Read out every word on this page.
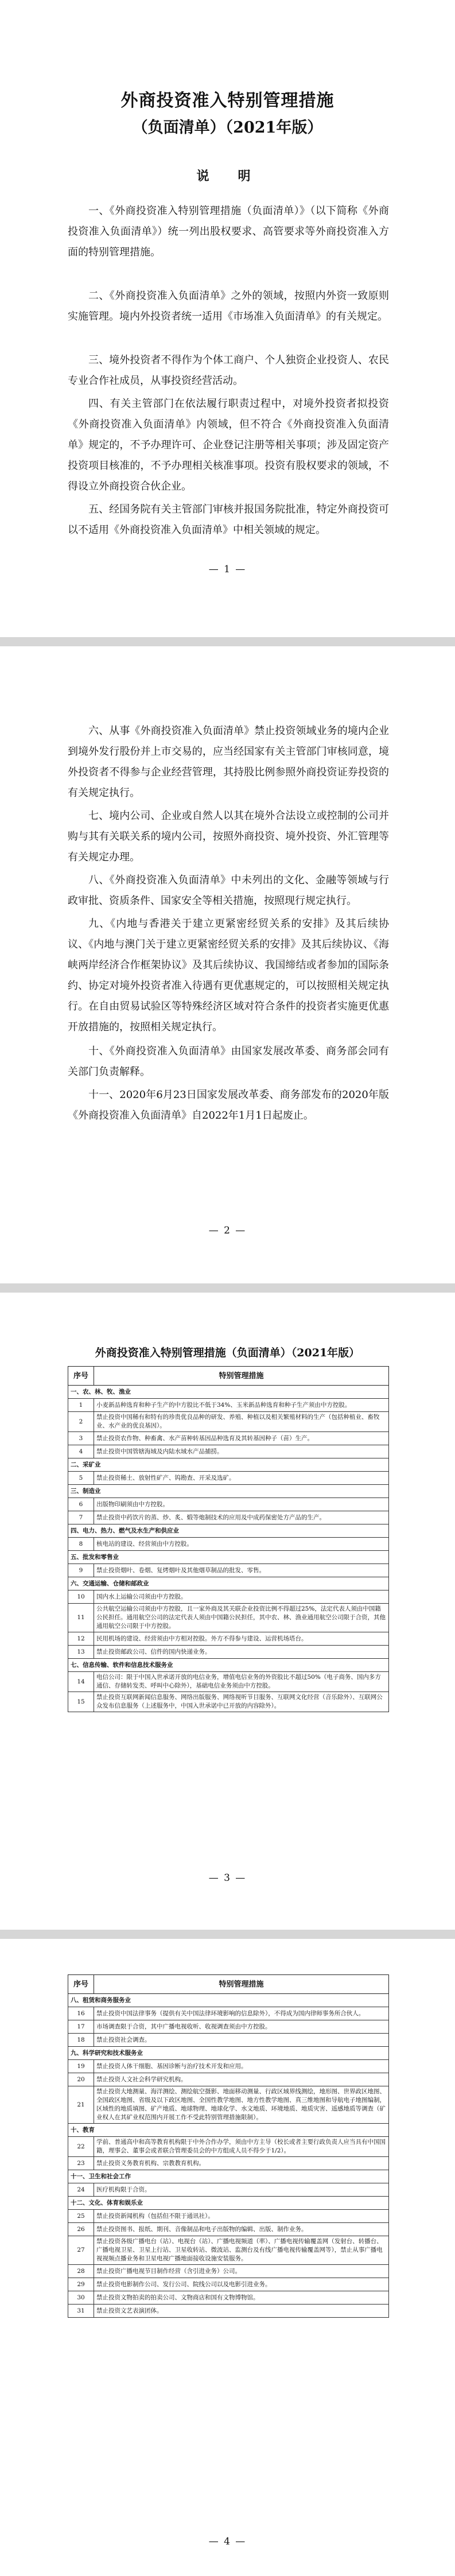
外商投资准入特别管理措施
（负面清单）（2021年版）
说　明

一、《外商投资准入特别管理措施（负面清单）》（以下简称《外商投资准入负面清单》）统一列出股权要求、高管要求等外商投资准入方面的特别管理措施。

二、《外商投资准入负面清单》之外的领域，按照内外资一致原则实施管理。境内外投资者统一适用《市场准入负面清单》的有关规定。

三、境外投资者不得作为个体工商户、个人独资企业投资人、农民专业合作社成员，从事投资经营活动。

四、有关主管部门在依法履行职责过程中，对境外投资者拟投资《外商投资准入负面清单》内领域，但不符合《外商投资准入负面清单》规定的，不予办理许可、企业登记注册等相关事项；涉及固定资产投资项目核准的，不予办理相关核准事项。投资有股权要求的领域，不得设立外商投资合伙企业。

五、经国务院有关主管部门审核并报国务院批准，特定外商投资可以不适用《外商投资准入负面清单》中相关领域的规定。

— 1 —

六、从事《外商投资准入负面清单》禁止投资领域业务的境内企业到境外发行股份并上市交易的，应当经国家有关主管部门审核同意，境外投资者不得参与企业经营管理，其持股比例参照外商投资证券投资的有关规定执行。

七、境内公司、企业或自然人以其在境外合法设立或控制的公司并购与其有关联关系的境内公司，按照外商投资、境外投资、外汇管理等有关规定办理。

八、《外商投资准入负面清单》中未列出的文化、金融等领域与行政审批、资质条件、国家安全等相关措施，按照现行规定执行。

九、《内地与香港关于建立更紧密经贸关系的安排》及其后续协议、《内地与澳门关于建立更紧密经贸关系的安排》及其后续协议、《海峡两岸经济合作框架协议》及其后续协议、我国缔结或者参加的国际条约、协定对境外投资者准入待遇有更优惠规定的，可以按照相关规定执行。在自由贸易试验区等特殊经济区域对符合条件的投资者实施更优惠开放措施的，按照相关规定执行。

十、《外商投资准入负面清单》由国家发展改革委、商务部会同有关部门负责解释。

十一、2020年6月23日国家发展改革委、商务部发布的2020年版《外商投资准入负面清单》自2022年1月1日起废止。

— 2 —
外商投资准入特别管理措施（负面清单）（2021年版）
序号	特别管理措施
一、农、林、牧、渔业	
1	小麦新品种选育和种子生产的中方股比不低于34%、玉米新品种选育和种子生产须由中方控股。
2	禁止投资中国稀有和特有的珍贵优良品种的研发、养殖、种植以及相关繁殖材料的生产（包括种植业、畜牧业、水产业的优良基因）。
3	禁止投资农作物、种畜禽、水产苗种转基因品种选育及其转基因种子（苗）生产。
4	禁止投资中国管辖海域及内陆水域水产品捕捞。
二、采矿业	
5	禁止投资稀土、放射性矿产、钨勘查、开采及选矿。
三、制造业	
6	出版物印刷须由中方控股。
7	禁止投资中药饮片的蒸、炒、炙、煅等炮制技术的应用及中成药保密处方产品的生产。
四、电力、热力、燃气及水生产和供应业	
8	核电站的建设、经营须由中方控股。
五、批发和零售业	
9	禁止投资烟叶、卷烟、复烤烟叶及其他烟草制品的批发、零售。
六、交通运输、仓储和邮政业	
10	国内水上运输公司须由中方控股。
11	公共航空运输公司须由中方控股，且一家外商及其关联企业投资比例不得超过25%，法定代表人须由中国籍公民担任。通用航空公司的法定代表人须由中国籍公民担任，其中农、林、渔业通用航空公司限于合资，其他通用航空公司限于中方控股。
12	民用机场的建设、经营须由中方相对控股。外方不得参与建设、运营机场塔台。
13	禁止投资邮政公司、信件的国内快递业务。
七、信息传输、软件和信息技术服务业	
14	电信公司：限于中国入世承诺开放的电信业务，增值电信业务的外资股比不超过50%（电子商务、国内多方通信、存储转发类、呼叫中心除外），基础电信业务须由中方控股。
15	禁止投资互联网新闻信息服务、网络出版服务、网络视听节目服务、互联网文化经营（音乐除外）、互联网公众发布信息服务（上述服务中，中国入世承诺中已开放的内容除外）。
— 3 —
序号	特别管理措施
八、租赁和商务服务业	
16	禁止投资中国法律事务（提供有关中国法律环境影响的信息除外），不得成为国内律师事务所合伙人。
17	市场调查限于合资，其中广播电视收听、收视调查须由中方控股。
18	禁止投资社会调查。
九、科学研究和技术服务业	
19	禁止投资人体干细胞、基因诊断与治疗技术开发和应用。
20	禁止投资人文社会科学研究机构。
21	禁止投资大地测量、海洋测绘、测绘航空摄影、地面移动测量、行政区域界线测绘，地形图、世界政区地图、全国政区地图、省级及以下政区地图、全国性教学地图、地方性教学地图、真三维地图和导航电子地图编制，区域性的地质填图、矿产地质、地球物理、地球化学、水文地质、环境地质、地质灾害、遥感地质等调查（矿业权人在其矿业权范围内开展工作不受此特别管理措施限制）。
十、教育	
22	学前、普通高中和高等教育机构限于中外合作办学，须由中方主导（校长或者主要行政负责人应当具有中国国籍，理事会、董事会或者联合管理委员会的中方组成人员不得少于1/2）。
23	禁止投资义务教育机构、宗教教育机构。
十一、卫生和社会工作	
24	医疗机构限于合资。
十二、文化、体育和娱乐业	
25	禁止投资新闻机构（包括但不限于通讯社）。
26	禁止投资图书、报纸、期刊、音像制品和电子出版物的编辑、出版、制作业务。
27	禁止投资各级广播电台（站）、电视台（站）、广播电视频道（率）、广播电视传输覆盖网（发射台、转播台、广播电视卫星、卫星上行站、卫星收转站、微波站、监测台及有线广播电视传输覆盖网等），禁止从事广播电视视频点播业务和卫星电视广播地面接收设施安装服务。
28	禁止投资广播电视节目制作经营（含引进业务）公司。
29	禁止投资电影制作公司、发行公司、院线公司以及电影引进业务。
30	禁止投资文物拍卖的拍卖公司、文物商店和国有文物博物馆。
31	禁止投资文艺表演团体。
— 4 —
